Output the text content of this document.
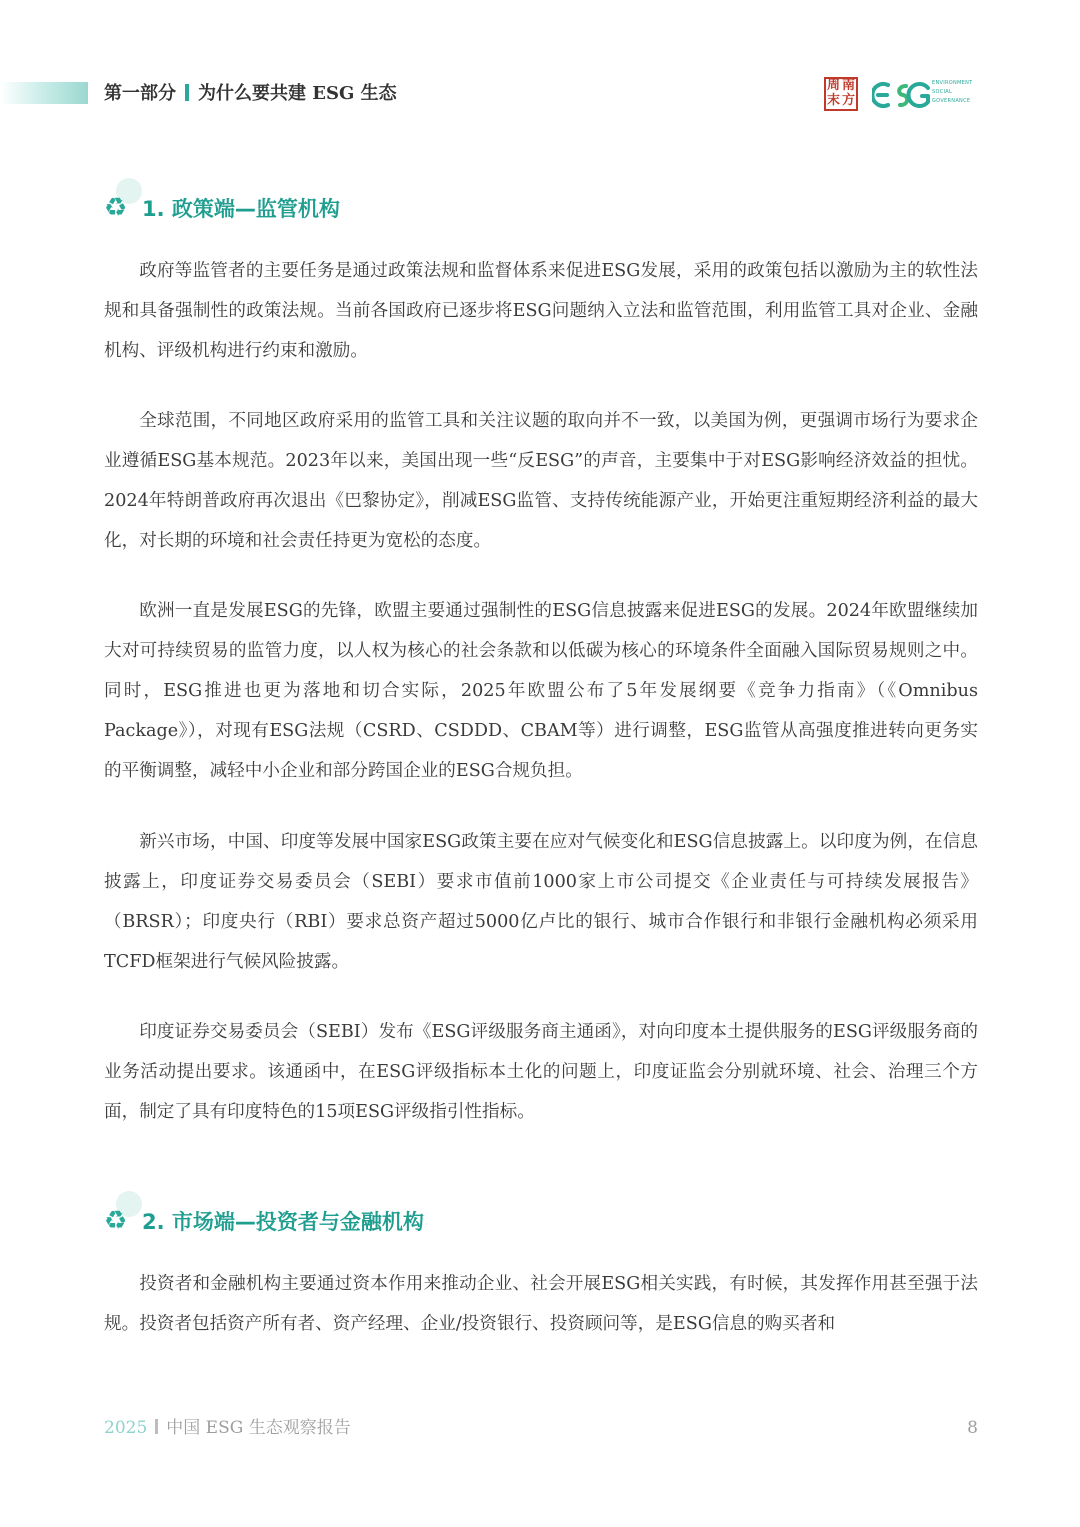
第一部分 为什么要共建 ESG 生态	周 南
末 方
ENVIRONMENT
SOCIAL
GOVERNANCE
♻ 1. 政策端—监管机构

政府等监管者的主要任务是通过政策法规和监督体系来促进ESG发展，采用的政策包括以激励为主的软性法规和具备强制性的政策法规。当前各国政府已逐步将ESG问题纳入立法和监管范围，利用监管工具对企业、金融机构、评级机构进行约束和激励。

全球范围，不同地区政府采用的监管工具和关注议题的取向并不一致，以美国为例，更强调市场行为要求企业遵循ESG基本规范。2023年以来，美国出现一些“反ESG”的声音，主要集中于对ESG影响经济效益的担忧。2024年特朗普政府再次退出《巴黎协定》，削减ESG监管、支持传统能源产业，开始更注重短期经济利益的最大化，对长期的环境和社会责任持更为宽松的态度。

欧洲一直是发展ESG的先锋，欧盟主要通过强制性的ESG信息披露来促进ESG的发展。2024年欧盟继续加大对可持续贸易的监管力度，以人权为核心的社会条款和以低碳为核心的环境条件全面融入国际贸易规则之中。同时，ESG推进也更为落地和切合实际，2025年欧盟公布了5年发展纲要《竞争力指南》（《Omnibus Package》），对现有ESG法规（CSRD、CSDDD、CBAM等）进行调整，ESG监管从高强度推进转向更务实的平衡调整，减轻中小企业和部分跨国企业的ESG合规负担。

新兴市场，中国、印度等发展中国家ESG政策主要在应对气候变化和ESG信息披露上。以印度为例，在信息披露上，印度证券交易委员会（SEBI）要求市值前1000家上市公司提交《企业责任与可持续发展报告》（BRSR）；印度央行（RBI）要求总资产超过5000亿卢比的银行、城市合作银行和非银行金融机构必须采用TCFD框架进行气候风险披露。

印度证券交易委员会（SEBI）发布《ESG评级服务商主通函》，对向印度本土提供服务的ESG评级服务商的业务活动提出要求。该通函中，在ESG评级指标本土化的问题上，印度证监会分别就环境、社会、治理三个方面，制定了具有印度特色的15项ESG评级指引性指标。

♻ 2. 市场端—投资者与金融机构

投资者和金融机构主要通过资本作用来推动企业、社会开展ESG相关实践，有时候，其发挥作用甚至强于法规。投资者包括资产所有者、资产经理、企业/投资银行、投资顾问等，是ESG信息的购买者和

2025 中国 ESG 生态观察报告	8
